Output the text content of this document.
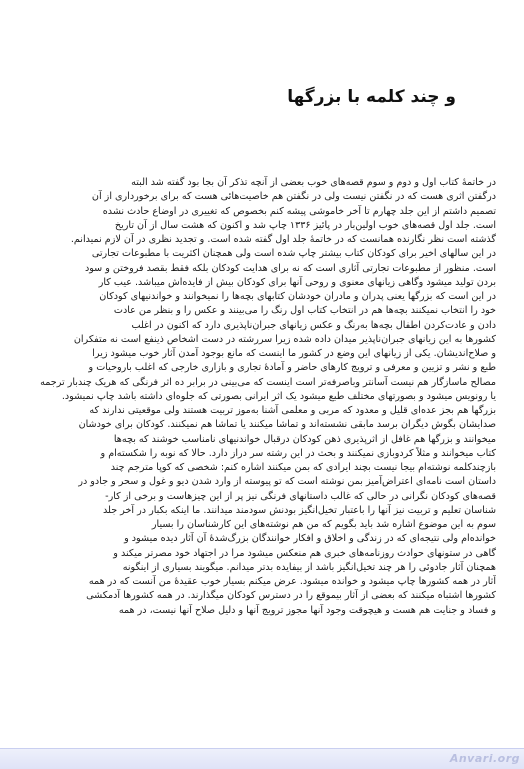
و چند کلمه با بزرگها
در خاتمهٔ کتاب اول و دوم و سوم قصه‌های خوب بعضی از آنچه تذکر آن بجا بود گفته شد البته
درگفتن اثری هست که در نگفتن نیست ولی در نگفتن هم خاصیت‌هائی هست که برای برخورداری از آن
تصمیم داشتم از این جلد چهارم تا آخر خاموشی پیشه کنم بخصوص که تغییری در اوضاع حادث نشده
است. جلد اول قصه‌های خوب اولین‌بار در پائیز ۱۳۳۶ چاپ شد و اکنون که هشت سال از آن تاریخ
گذشته است نظر نگارنده همانست که در خاتمهٔ جلد اول گفته شده است. و تجدید نظری در آن لازم نمیدانم.
در این سالهای اخیر برای کودکان کتاب بیشتر چاپ شده است ولی همچنان اکثریت با مطبوعات تجارتی
است. منظور از مطبوعات تجارتی آثاری است که نه برای هدایت کودکان بلکه فقط بقصد فروختن و سود
بردن تولید میشود وگاهی زیانهای معنوی و روحی آنها برای کودکان بیش از فایده‌اش میباشد. عیب کار
در این است که بزرگها یعنی پدران و مادران خودشان کتابهای بچه‌ها را نمیخوانند و خواندنیهای کودکان
خود را انتخاب نمیکنند بچه‌ها هم در انتخاب کتاب اول رنگ را می‌بینند و عکس را و بنظر من عادت
دادن و عادت‌کردن اطفال بچه‌ها به‌رنگ و عکس زیانهای جبران‌ناپذیری دارد که اکنون در اغلب
کشورها به این زیانهای جبران‌ناپذیر میدان داده شده زیرا سررشته در دست اشخاص ذینفع است نه متفکران
و صلاح‌اندیشان. یکی از زیانهای این وضع در کشور ما اینست که مانع بوجود آمدن آثار خوب میشود زیرا
طبع و نشر و تزیین و معرفی و ترویج کارهای حاضر و آمادهٔ تجاری و بازاری خارجی که اغلب باروحیات و
مصالح ماسازگار هم نیست آسانتر وباصرفه‌تر است اینست که می‌بینی در برابر ده اثر فرنگی که هریک چندبار ترجمه
یا رونویس میشود و بصورتهای مختلف طبع میشود یک اثر ایرانی بصورتی که جلوه‌ای داشته باشد چاپ نمیشود.
بزرگها هم بجز عده‌ای قلیل و معدود که مربی و معلمی آشنا به‌موز تربیت هستند ولی موقعیتی ندارند که
صدایشان بگوش دیگران برسد مابقی نشسته‌اند و تماشا میکنند یا تماشا هم نمیکنند. کودکان برای خودشان
میخوانند و بزرگها هم غافل از اثرپذیری ذهن کودکان درقبال خواندنیهای نامناسب خوشند که بچه‌ها
کتاب میخوانند و مثلاً کردوبازی نمیکنند و بحث در این رشته سر دراز دارد. حالا که نوبه را شکسته‌ام و
بازچندکلمه نوشته‌ام بیجا نیست بچند ایرادی که بمن میکنند اشاره کنم: شخصی که کوپا مترجم چند
داستان است نامه‌ای اعتراض‌آمیز بمن نوشته است که تو پیوسته از وارد شدن دیو و غول و سحر و جادو در
قصه‌های کودکان نگرانی در حالی که غالب داستانهای فرنگی نیز پر از این چیزهاست و برخی از کار-
شناسان تعلیم و تربیت نیز آنها را باعتبار تخیل‌انگیز بودنش سودمند میدانند. ما اینکه بکبار در آخر جلد
سوم به این موضوع اشاره شد باید بگویم که من هم نوشته‌های این کارشناسان را بسیار
خوانده‌ام ولی نتیجه‌ای که در زندگی و اخلاق و افکار خوانندگان بزرگ‌شدهٔ آن آثار دیده میشود و
گاهی در ستونهای حوادث روزنامه‌های خبری هم منعکس میشود مرا در اجتهاد خود مصرتر میکند و
همچنان آثار جادوئی را هر چند تخیل‌انگیز باشد از بیفایده بدتر میدانم. میگویند بسیاری از اینگونه
آثار در همه کشورها چاپ میشود و خوانده میشود. عرض میکنم بسیار خوب عقیدهٔ من آنست که در همه
کشورها اشتباه میکنند که بعضی از آثار بیموقع را در دسترس کودکان میگذارند. در همه کشورها آدمکشی
و فساد و جنایت هم هست و هیچوقت وجود آنها مجوز ترویج آنها و دلیل صلاح آنها نیست، در همه
Anvari.org
